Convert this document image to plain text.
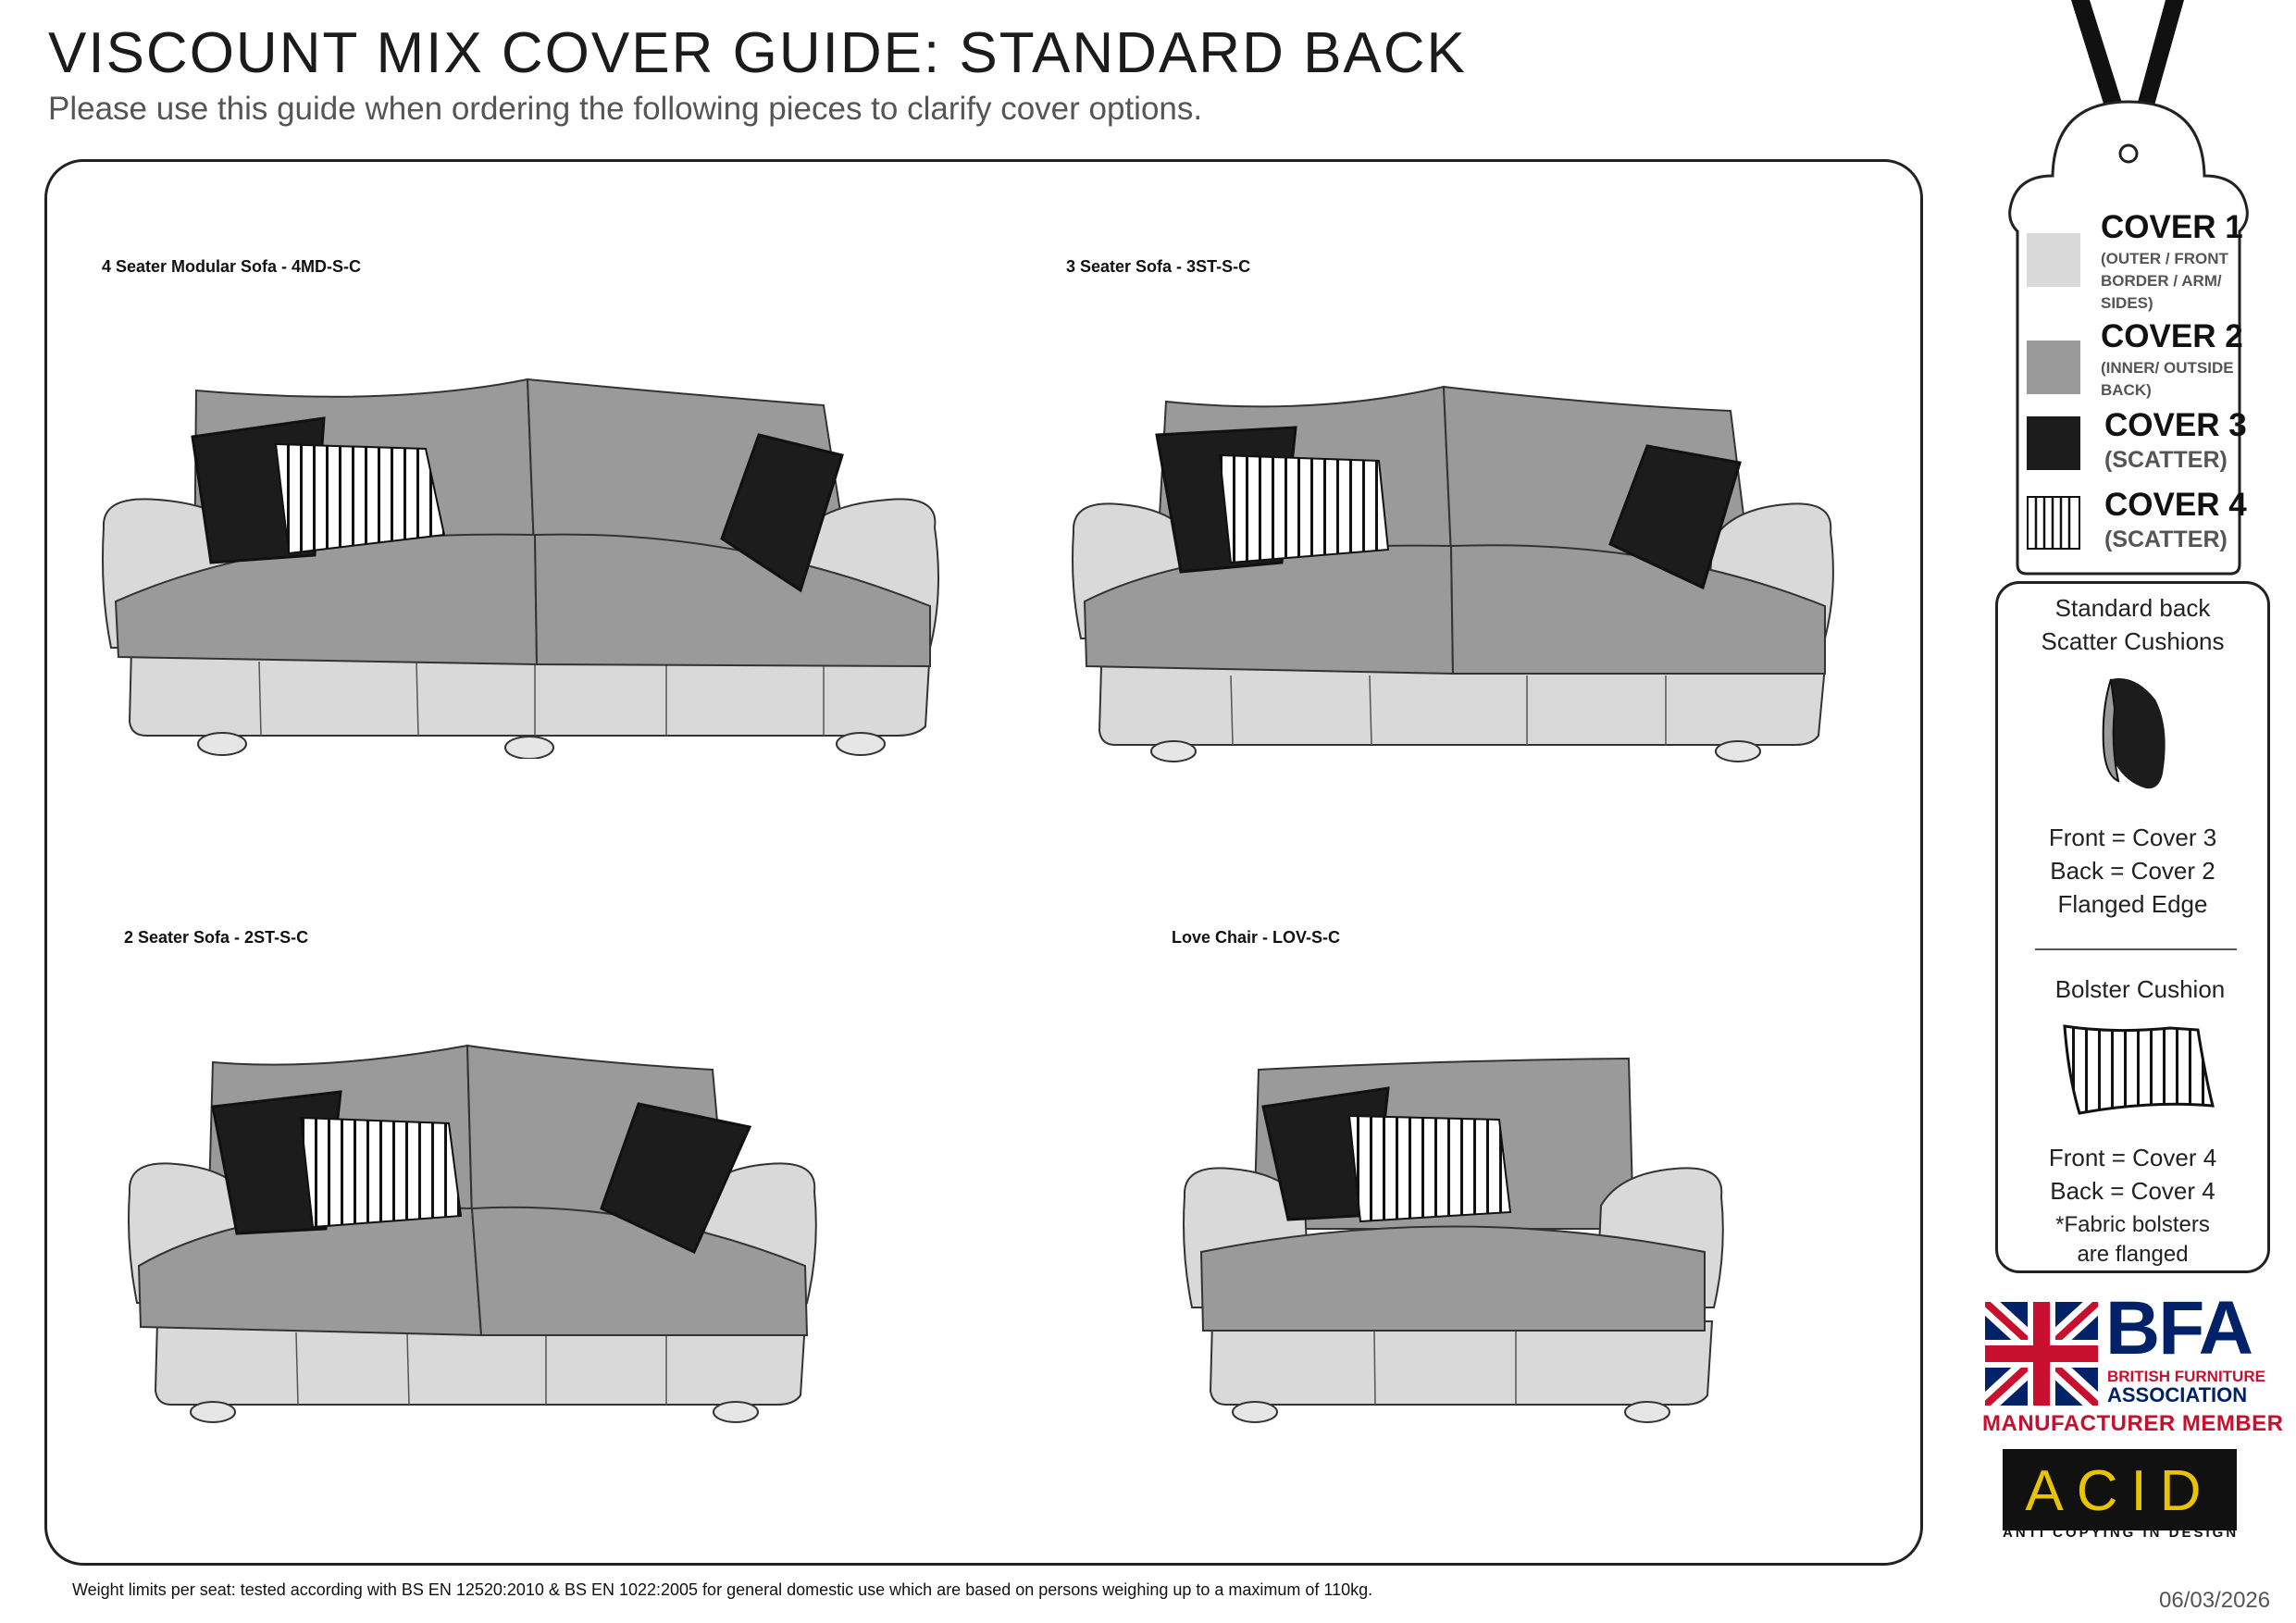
VISCOUNT MIX COVER GUIDE: STANDARD BACK
Please use this guide when ordering the following pieces to clarify cover options.
4 Seater Modular Sofa - 4MD-S-C	3 Seater Sofa - 3ST-S-C
2 Seater Sofa - 2ST-S-C	Love Chair - LOV-S-C
COVER 1
(OUTER / FRONT BORDER / ARM/ SIDES)
COVER 2
(INNER/ OUTSIDE BACK)
COVER 3
(SCATTER)
COVER 4
(SCATTER)
Standard back
Scatter Cushions
Front = Cover 3
Back = Cover 2
Flanged Edge
Bolster Cushion
Front = Cover 4
Back = Cover 4
*Fabric bolsters
are flanged
BFA
BRITISH FURNITURE
ASSOCIATION
MANUFACTURER MEMBER
ACID
ANTI COPYING IN DESIGN
Weight limits per seat: tested according with BS EN 12520:2010 & BS EN 1022:2005 for general domestic use which are based on persons weighing up to a maximum of 110kg.	06/03/2026
